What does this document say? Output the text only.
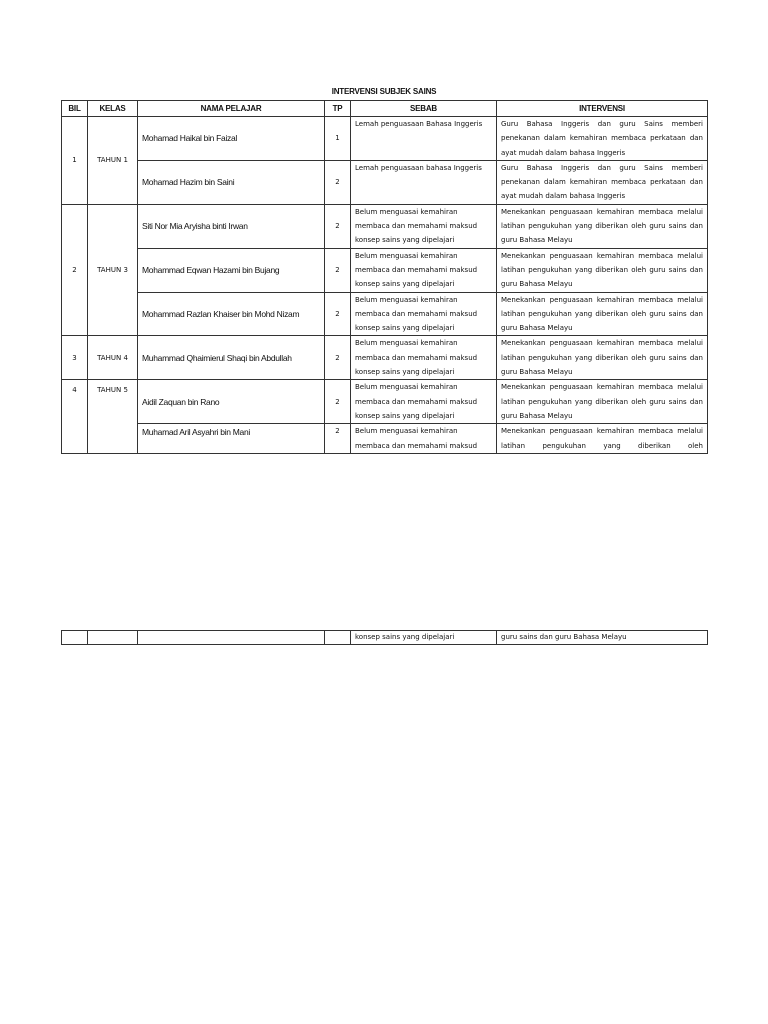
INTERVENSI SUBJEK SAINS
BIL	KELAS	NAMA PELAJAR	TP	SEBAB	INTERVENSI
1	TAHUN 1	Mohamad Haikal bin Faizal	1	Lemah penguasaan Bahasa Inggeris	Guru Bahasa Inggeris dan guru Sains memberi penekanan dalam kemahiran membaca perkataan dan ayat mudah dalam bahasa Inggeris
		Mohamad Hazim bin Saini	2	Lemah penguasaan bahasa Inggeris	Guru Bahasa Inggeris dan guru Sains memberi penekanan dalam kemahiran membaca perkataan dan ayat mudah dalam bahasa Inggeris
2	TAHUN 3	Siti Nor Mia Aryisha binti Irwan	2	Belum menguasai kemahiran membaca dan memahami maksud konsep sains yang dipelajari	Menekankan penguasaan kemahiran membaca melalui latihan pengukuhan yang diberikan oleh guru sains dan guru Bahasa Melayu
		Mohammad Eqwan Hazami bin Bujang	2	Belum menguasai kemahiran membaca dan memahami maksud konsep sains yang dipelajari	Menekankan penguasaan kemahiran membaca melalui latihan pengukuhan yang diberikan oleh guru sains dan guru Bahasa Melayu
		Mohammad Razlan Khaiser bin Mohd Nizam	2	Belum menguasai kemahiran membaca dan memahami maksud konsep sains yang dipelajari	Menekankan penguasaan kemahiran membaca melalui latihan pengukuhan yang diberikan oleh guru sains dan guru Bahasa Melayu
3	TAHUN 4	Muhammad Qhaimierul Shaqi bin Abdullah	2	Belum menguasai kemahiran membaca dan memahami maksud konsep sains yang dipelajari	Menekankan penguasaan kemahiran membaca melalui latihan pengukuhan yang diberikan oleh guru sains dan guru Bahasa Melayu
4	TAHUN 5	Aidil Zaquan bin Rano	2	Belum menguasai kemahiran membaca dan memahami maksud konsep sains yang dipelajari	Menekankan penguasaan kemahiran membaca melalui latihan pengukuhan yang diberikan oleh guru sains dan guru Bahasa Melayu
		Muhamad Aril Asyahri bin Mani	2	Belum menguasai kemahiran membaca dan memahami maksud	Menekankan penguasaan kemahiran membaca melalui latihan pengukuhan yang diberikan oleh
				konsep sains yang dipelajari	guru sains dan guru Bahasa Melayu
